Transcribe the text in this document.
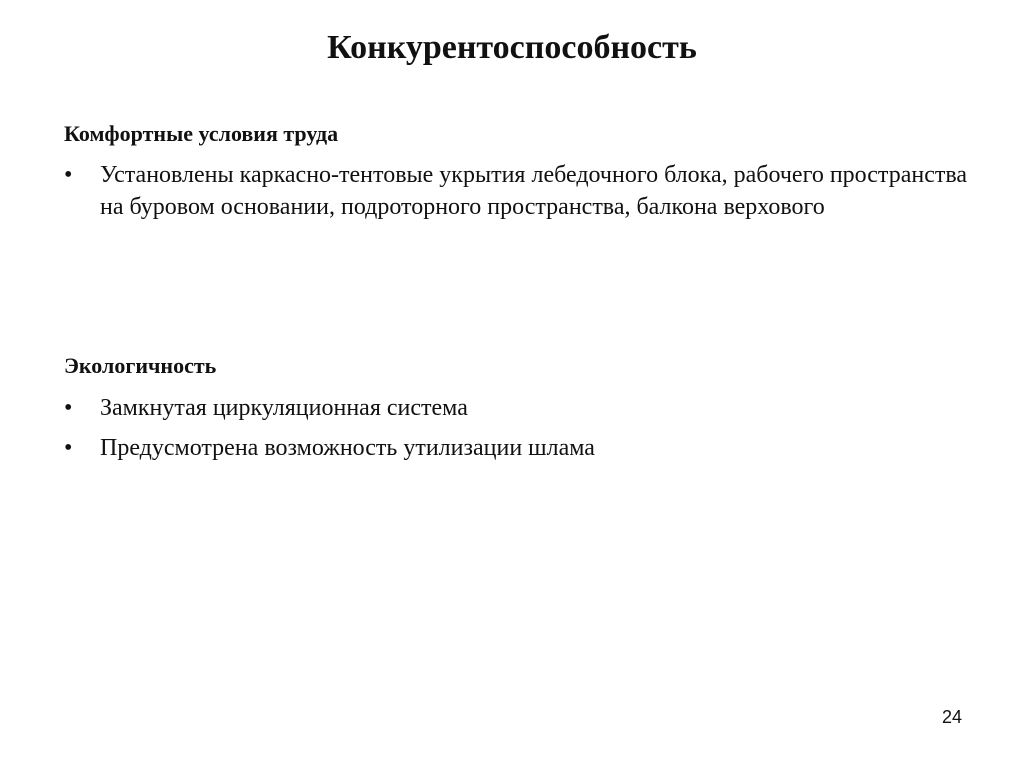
Конкурентоспособность
Комфортные условия труда
•	Установлены каркасно-тентовые укрытия лебедочного блока, рабочего пространства на буровом основании, подроторного пространства, балкона верхового
Экологичность
•	Замкнутая циркуляционная система
•	Предусмотрена возможность утилизации шлама
24
